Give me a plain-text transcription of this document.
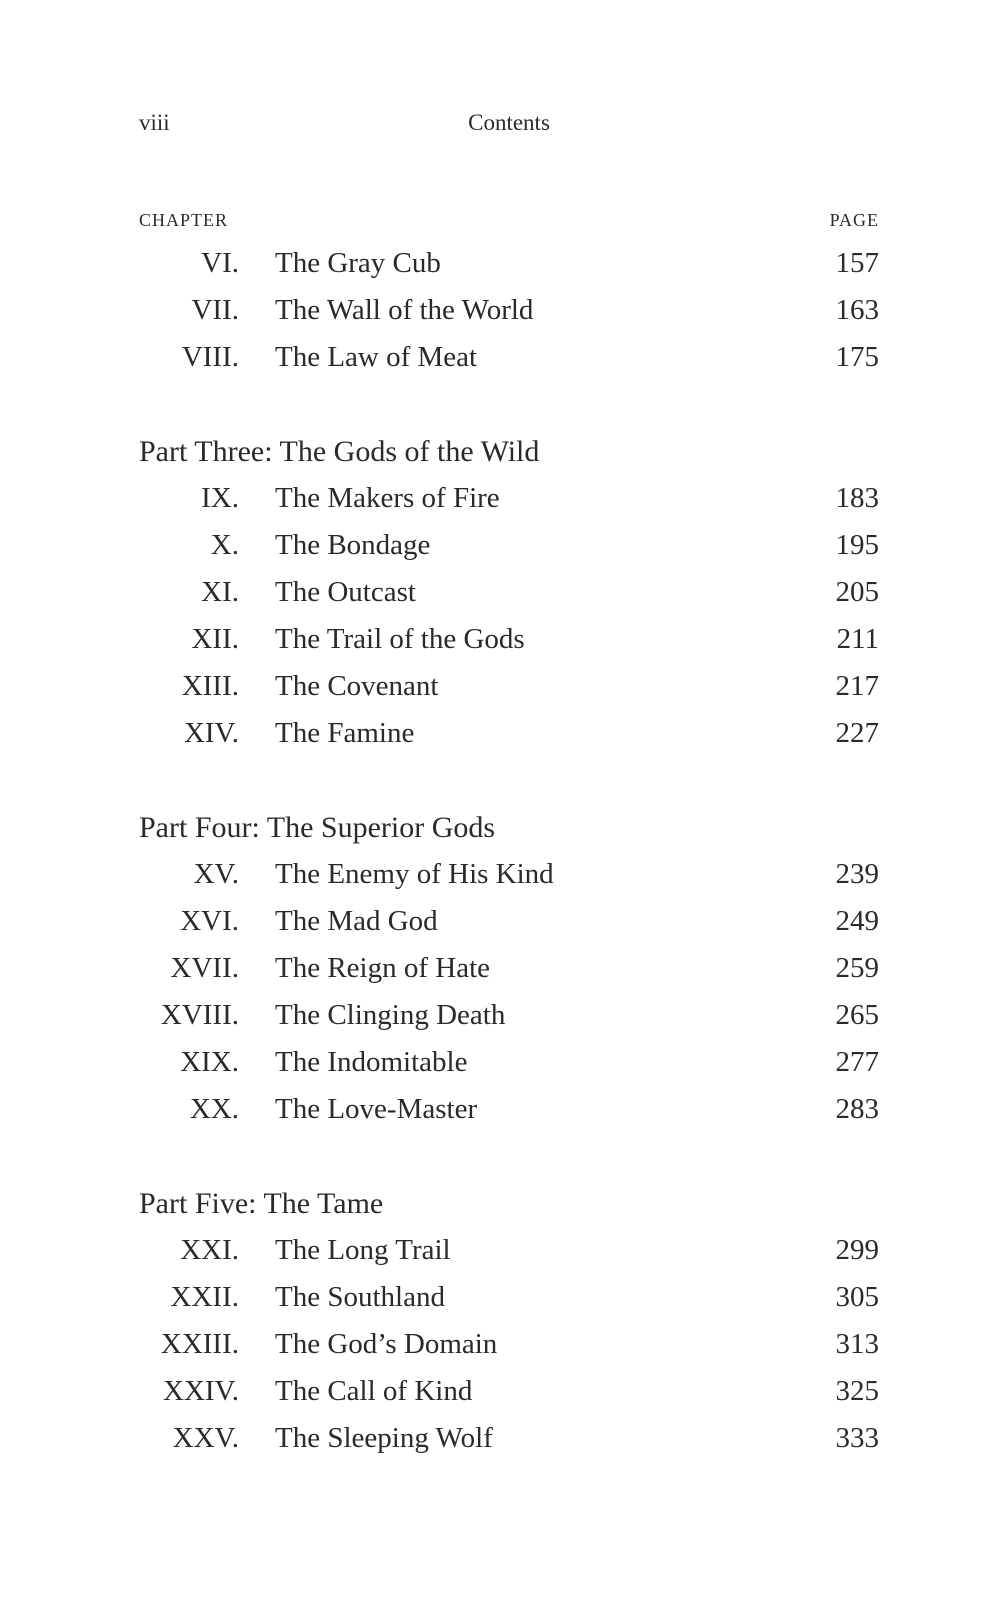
viii	Contents
CHAPTER	PAGE
VI. The Gray Cub	157
VII. The Wall of the World	163
VIII. The Law of Meat	175
Part Three: The Gods of the Wild
IX. The Makers of Fire	183
X. The Bondage	195
XI. The Outcast	205
XII. The Trail of the Gods	211
XIII. The Covenant	217
XIV. The Famine	227
Part Four: The Superior Gods
XV. The Enemy of His Kind	239
XVI. The Mad God	249
XVII. The Reign of Hate	259
XVIII. The Clinging Death	265
XIX. The Indomitable	277
XX. The Love-Master	283
Part Five: The Tame
XXI. The Long Trail	299
XXII. The Southland	305
XXIII. The God’s Domain	313
XXIV. The Call of Kind	325
XXV. The Sleeping Wolf	333
